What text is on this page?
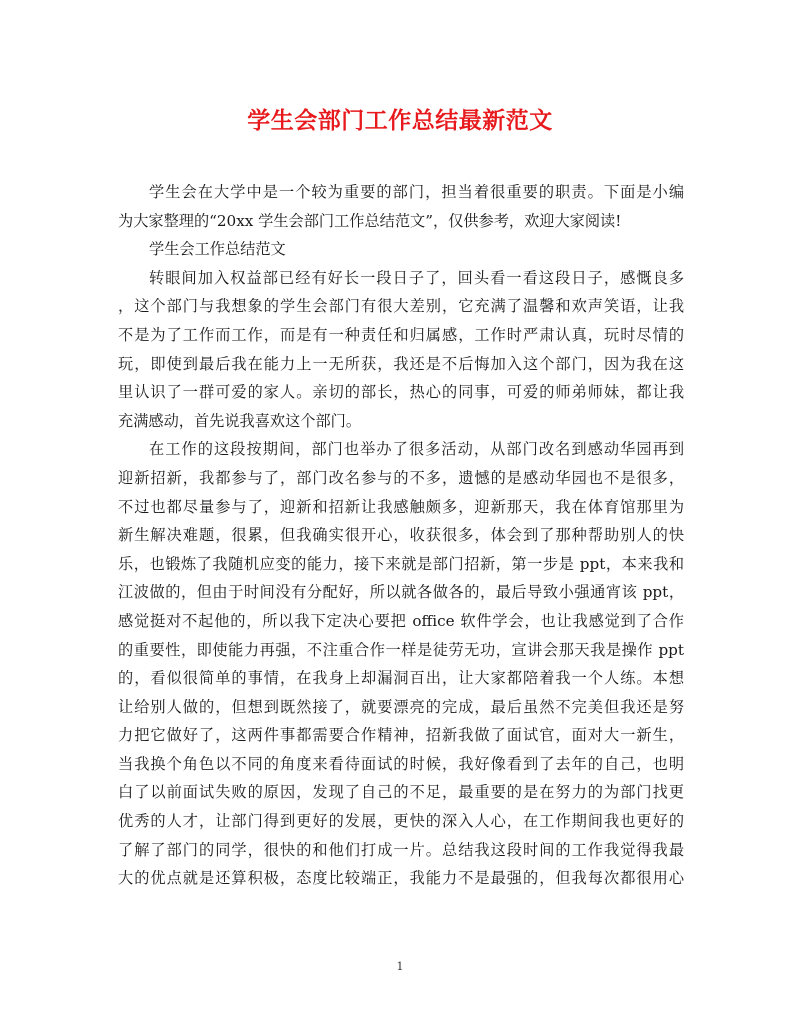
学生会部门工作总结最新范文
学生会在大学中是一个较为重要的部门，担当着很重要的职责。下面是小编
为大家整理的“20xx 学生会部门工作总结范文”，仅供参考，欢迎大家阅读!
学生会工作总结范文
转眼间加入权益部已经有好长一段日子了，回头看一看这段日子，感慨良多
，这个部门与我想象的学生会部门有很大差别，它充满了温馨和欢声笑语，让我
不是为了工作而工作，而是有一种责任和归属感，工作时严肃认真，玩时尽情的
玩，即使到最后我在能力上一无所获，我还是不后悔加入这个部门，因为我在这
里认识了一群可爱的家人。亲切的部长，热心的同事，可爱的师弟师妹，都让我
充满感动，首先说我喜欢这个部门。
在工作的这段按期间，部门也举办了很多活动，从部门改名到感动华园再到
迎新招新，我都参与了，部门改名参与的不多，遗憾的是感动华园也不是很多，
不过也都尽量参与了，迎新和招新让我感触颇多，迎新那天，我在体育馆那里为
新生解决难题，很累，但我确实很开心，收获很多，体会到了那种帮助别人的快
乐，也锻炼了我随机应变的能力，接下来就是部门招新，第一步是 ppt，本来我和
江波做的，但由于时间没有分配好，所以就各做各的，最后导致小强通宵该 ppt，
感觉挺对不起他的，所以我下定决心要把 office 软件学会，也让我感觉到了合作
的重要性，即使能力再强，不注重合作一样是徒劳无功，宣讲会那天我是操作 ppt
的，看似很简单的事情，在我身上却漏洞百出，让大家都陪着我一个人练。本想
让给别人做的，但想到既然接了，就要漂亮的完成，最后虽然不完美但我还是努
力把它做好了，这两件事都需要合作精神，招新我做了面试官，面对大一新生，
当我换个角色以不同的角度来看待面试的时候，我好像看到了去年的自己，也明
白了以前面试失败的原因，发现了自己的不足，最重要的是在努力的为部门找更
优秀的人才，让部门得到更好的发展，更快的深入人心，在工作期间我也更好的
了解了部门的同学，很快的和他们打成一片。总结我这段时间的工作我觉得我最
大的优点就是还算积极，态度比较端正，我能力不是最强的，但我每次都很用心
1
